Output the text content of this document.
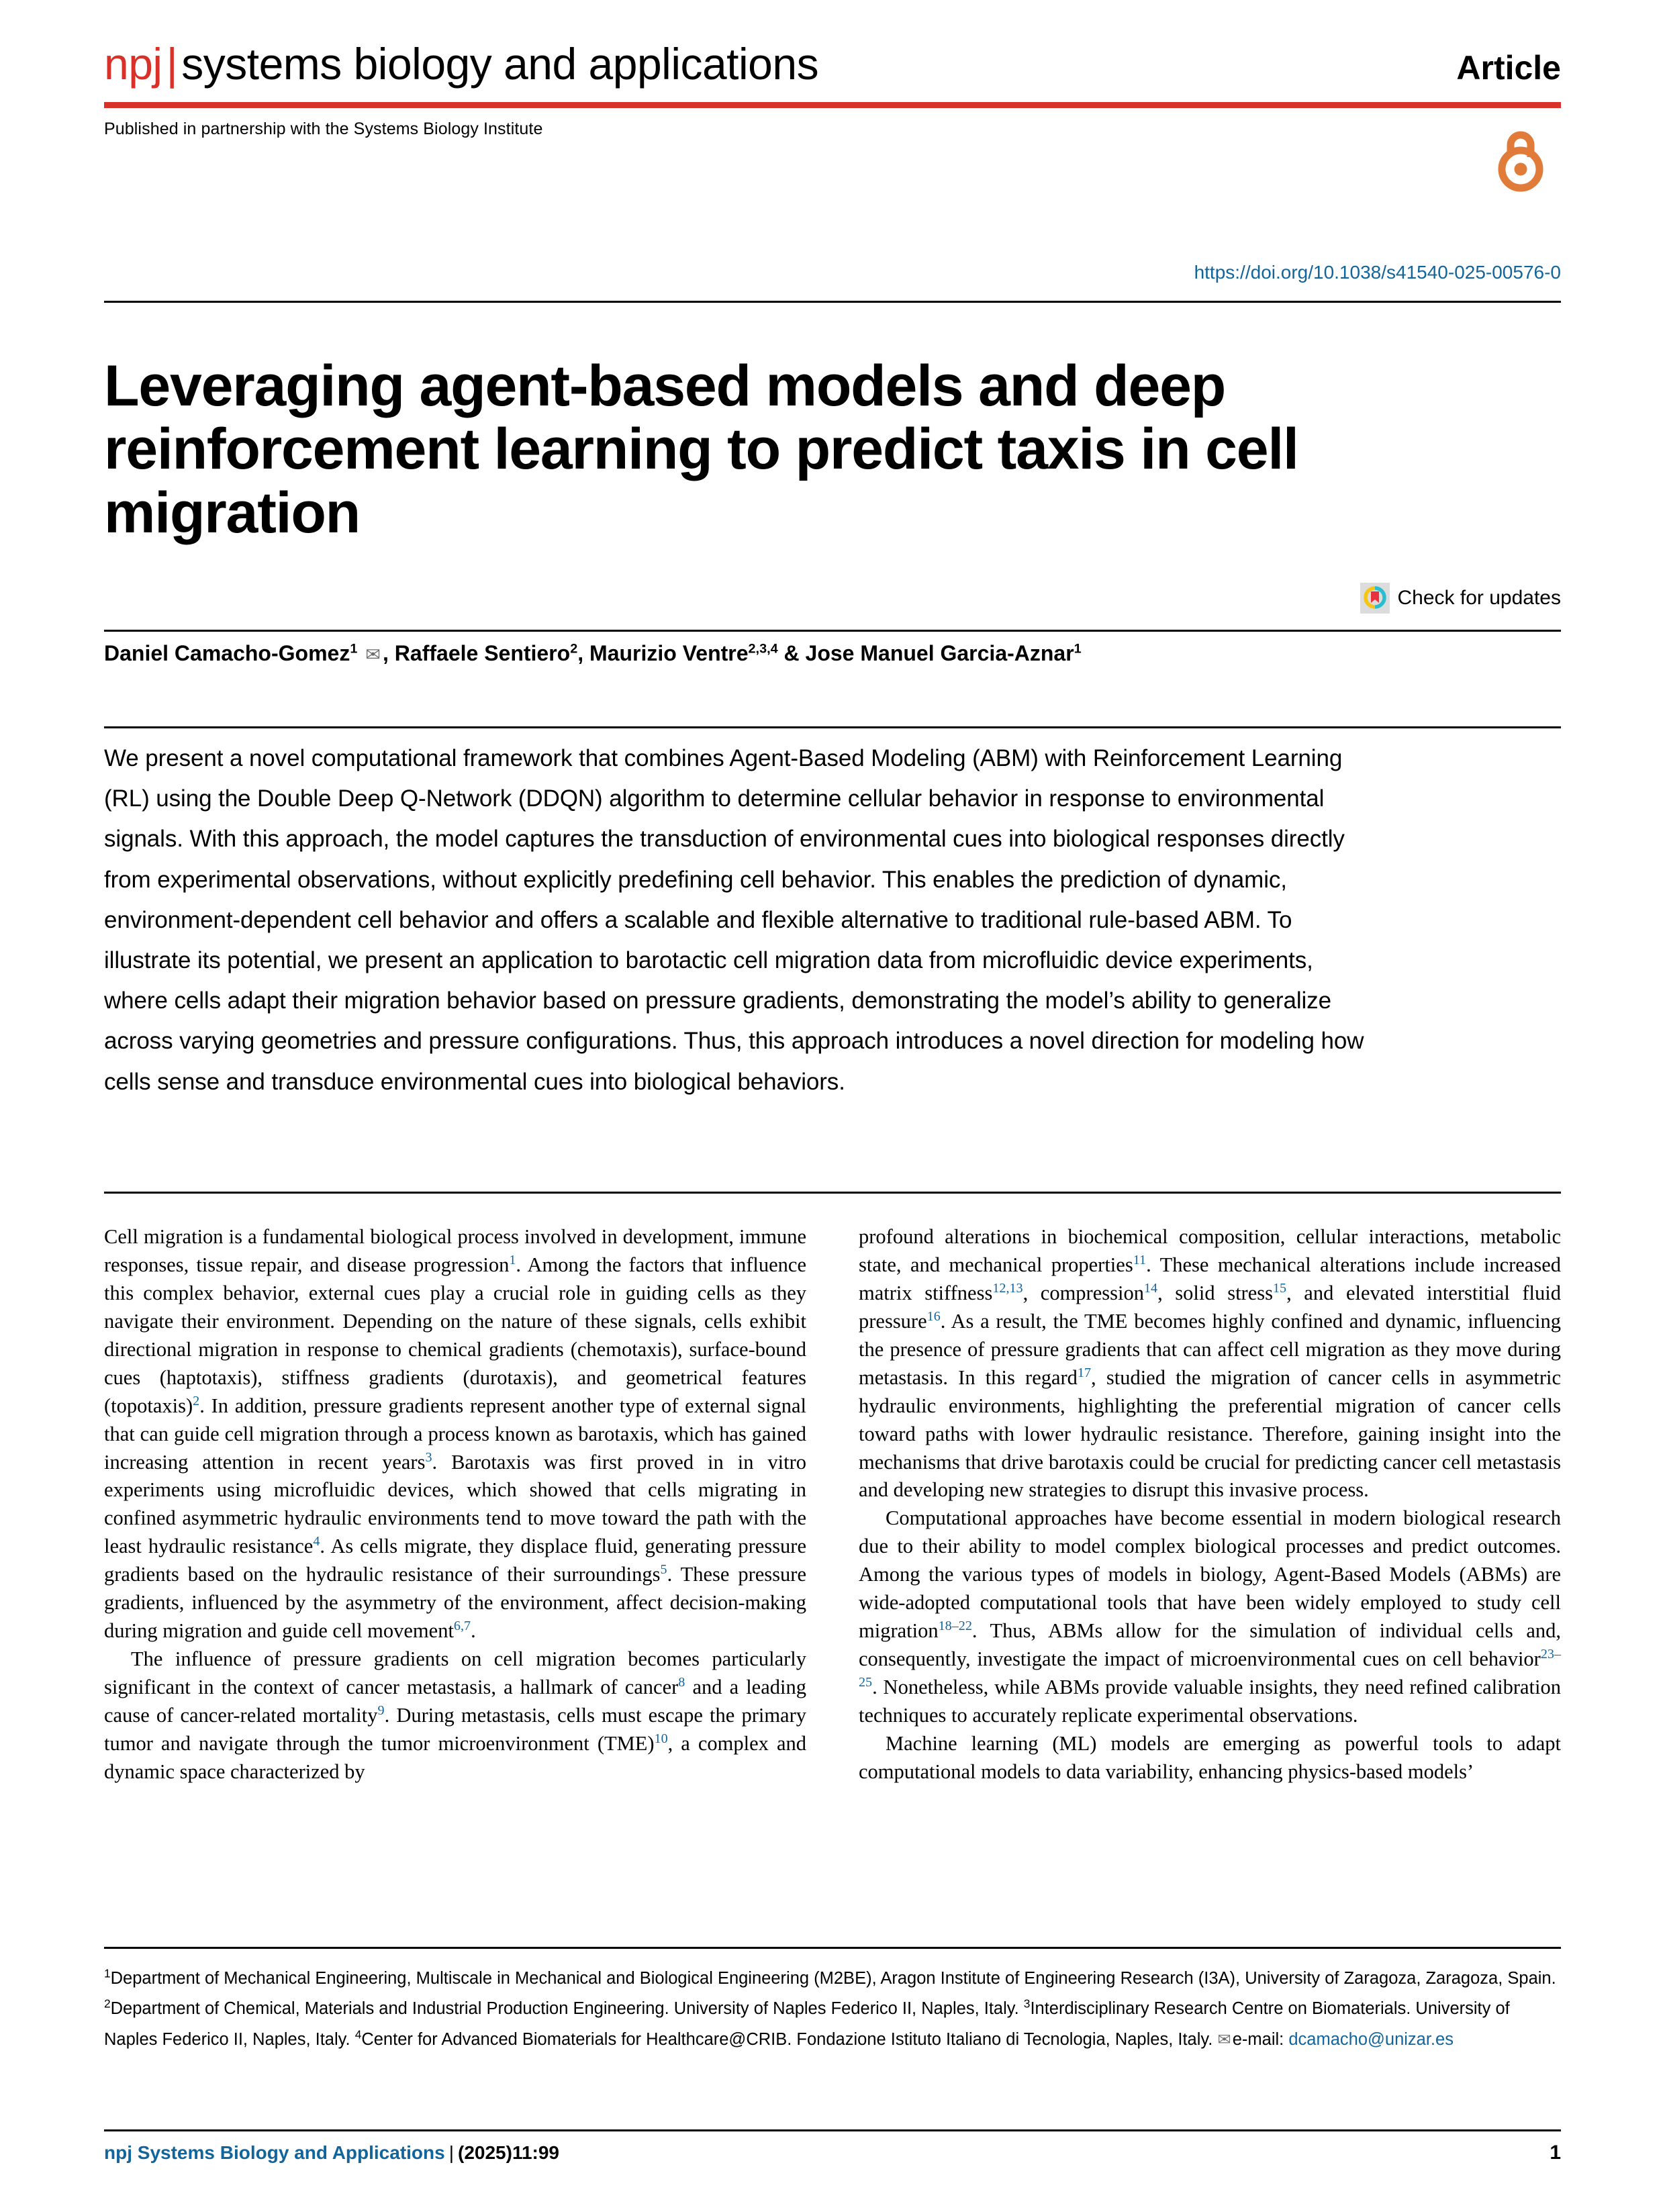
npj|systems biology and applications	Article
Published in partnership with the Systems Biology Institute
https://doi.org/10.1038/s41540-025-00576-0
Leveraging agent-based models and deep reinforcement learning to predict taxis in cell migration
Check for updates
Daniel Camacho-Gomez$^1$ ✉, Raffaele Sentiero$^2$, Maurizio Ventre$^{2,3,4}$ & Jose Manuel Garcia-Aznar$^1$
We present a novel computational framework that combines Agent-Based Modeling (ABM) with Reinforcement Learning (RL) using the Double Deep Q-Network (DDQN) algorithm to determine cellular behavior in response to environmental signals. With this approach, the model captures the transduction of environmental cues into biological responses directly from experimental observations, without explicitly predefining cell behavior. This enables the prediction of dynamic, environment-dependent cell behavior and offers a scalable and flexible alternative to traditional rule-based ABM. To illustrate its potential, we present an application to barotactic cell migration data from microfluidic device experiments, where cells adapt their migration behavior based on pressure gradients, demonstrating the model’s ability to generalize across varying geometries and pressure configurations. Thus, this approach introduces a novel direction for modeling how cells sense and transduce environmental cues into biological behaviors.

Cell migration is a fundamental biological process involved in development, immune responses, tissue repair, and disease progression$^1$. Among the factors that influence this complex behavior, external cues play a crucial role in guiding cells as they navigate their environment. Depending on the nature of these signals, cells exhibit directional migration in response to chemical gradients (chemotaxis), surface-bound cues (haptotaxis), stiffness gradients (durotaxis), and geometrical features (topotaxis)$^2$. In addition, pressure gradients represent another type of external signal that can guide cell migration through a process known as barotaxis, which has gained increasing attention in recent years$^3$. Barotaxis was first proved in in vitro experiments using microfluidic devices, which showed that cells migrating in confined asymmetric hydraulic environments tend to move toward the path with the least hydraulic resistance$^4$. As cells migrate, they displace fluid, generating pressure gradients based on the hydraulic resistance of their surroundings$^5$. These pressure gradients, influenced by the asymmetry of the environment, affect decision-making during migration and guide cell movement$^{6,7}$.

The influence of pressure gradients on cell migration becomes particularly significant in the context of cancer metastasis, a hallmark of cancer$^8$ and a leading cause of cancer-related mortality$^9$. During metastasis, cells must escape the primary tumor and navigate through the tumor microenvironment (TME)$^{10}$, a complex and dynamic space characterized by

profound alterations in biochemical composition, cellular interactions, metabolic state, and mechanical properties$^{11}$. These mechanical alterations include increased matrix stiffness$^{12,13}$, compression$^{14}$, solid stress$^{15}$, and elevated interstitial fluid pressure$^{16}$. As a result, the TME becomes highly confined and dynamic, influencing the presence of pressure gradients that can affect cell migration as they move during metastasis. In this regard$^{17}$, studied the migration of cancer cells in asymmetric hydraulic environments, highlighting the preferential migration of cancer cells toward paths with lower hydraulic resistance. Therefore, gaining insight into the mechanisms that drive barotaxis could be crucial for predicting cancer cell metastasis and developing new strategies to disrupt this invasive process.

Computational approaches have become essential in modern biological research due to their ability to model complex biological processes and predict outcomes. Among the various types of models in biology, Agent-Based Models (ABMs) are wide-adopted computational tools that have been widely employed to study cell migration$^{18-22}$. Thus, ABMs allow for the simulation of individual cells and, consequently, investigate the impact of microenvironmental cues on cell behavior$^{23-25}$. Nonetheless, while ABMs provide valuable insights, they need refined calibration techniques to accurately replicate experimental observations.

Machine learning (ML) models are emerging as powerful tools to adapt computational models to data variability, enhancing physics-based models’

$^1$Department of Mechanical Engineering, Multiscale in Mechanical and Biological Engineering (M2BE), Aragon Institute of Engineering Research (I3A), University of Zaragoza, Zaragoza, Spain. $^2$Department of Chemical, Materials and Industrial Production Engineering. University of Naples Federico II, Naples, Italy. $^3$Interdisciplinary Research Centre on Biomaterials. University of Naples Federico II, Naples, Italy. $^4$Center for Advanced Biomaterials for Healthcare@CRIB. Fondazione Istituto Italiano di Tecnologia, Naples, Italy. ✉e-mail: dcamacho@unizar.es
npj Systems Biology and Applications | (2025)11:99	1
